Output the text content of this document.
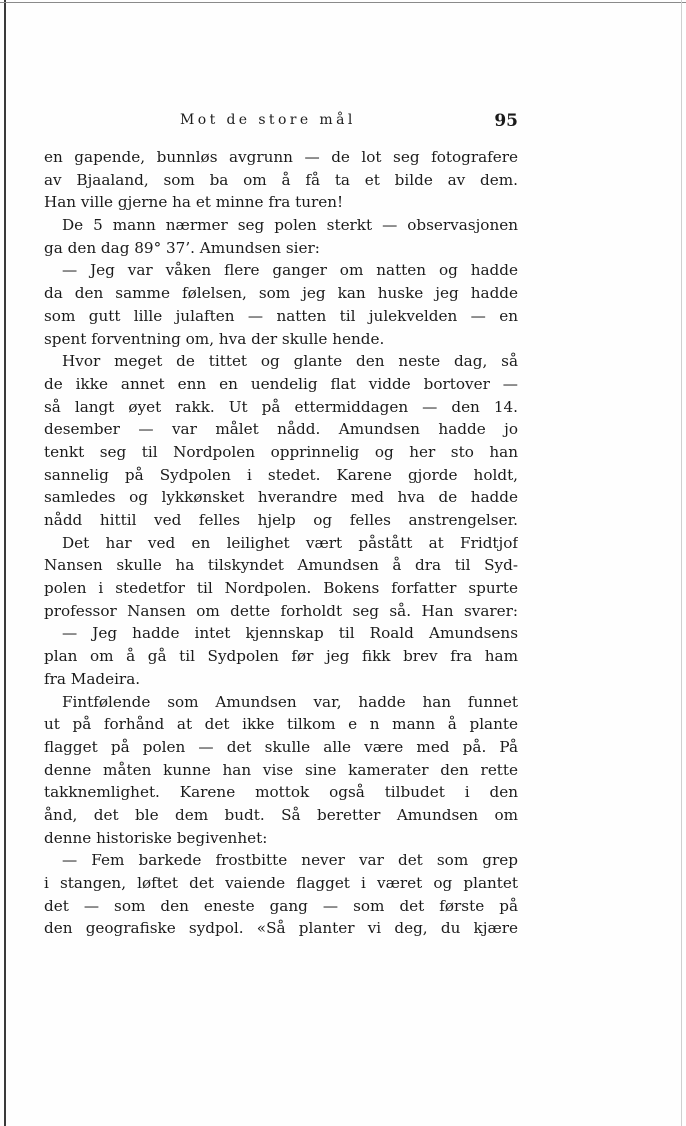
Mot de store mål	95
en gapende, bunnløs avgrunn — de lot seg fotografere
av Bjaaland, som ba om å få ta et bilde av dem.
Han ville gjerne ha et minne fra turen!
De 5 mann nærmer seg polen sterkt — observasjonen
ga den dag 89° 37’. Amundsen sier:
— Jeg var våken flere ganger om natten og hadde
da den samme følelsen, som jeg kan huske jeg hadde
som gutt lille julaften — natten til julekvelden — en
spent forventning om, hva der skulle hende.
Hvor meget de tittet og glante den neste dag, så
de ikke annet enn en uendelig flat vidde bortover —
så langt øyet rakk. Ut på ettermiddagen — den 14.
desember — var målet nådd. Amundsen hadde jo
tenkt seg til Nordpolen opprinnelig og her sto han
sannelig på Sydpolen i stedet. Karene gjorde holdt,
samledes og lykkønsket hverandre med hva de hadde
nådd hittil ved felles hjelp og felles anstrengelser.
Det har ved en leilighet vært påstått at Fridtjof
Nansen skulle ha tilskyndet Amundsen å dra til Syd-
polen i stedetfor til Nordpolen. Bokens forfatter spurte
professor Nansen om dette forholdt seg så. Han svarer:
— Jeg hadde intet kjennskap til Roald Amundsens
plan om å gå til Sydpolen før jeg fikk brev fra ham
fra Madeira.
Fintfølende som Amundsen var, hadde han funnet
ut på forhånd at det ikke tilkom e n mann å plante
flagget på polen — det skulle alle være med på. På
denne måten kunne han vise sine kamerater den rette
takknemlighet. Karene mottok også tilbudet i den
ånd, det ble dem budt. Så beretter Amundsen om
denne historiske begivenhet:
— Fem barkede frostbitte never var det som grep
i stangen, løftet det vaiende flagget i været og plantet
det — som den eneste gang — som det første på
den geografiske sydpol. «Så planter vi deg, du kjære
